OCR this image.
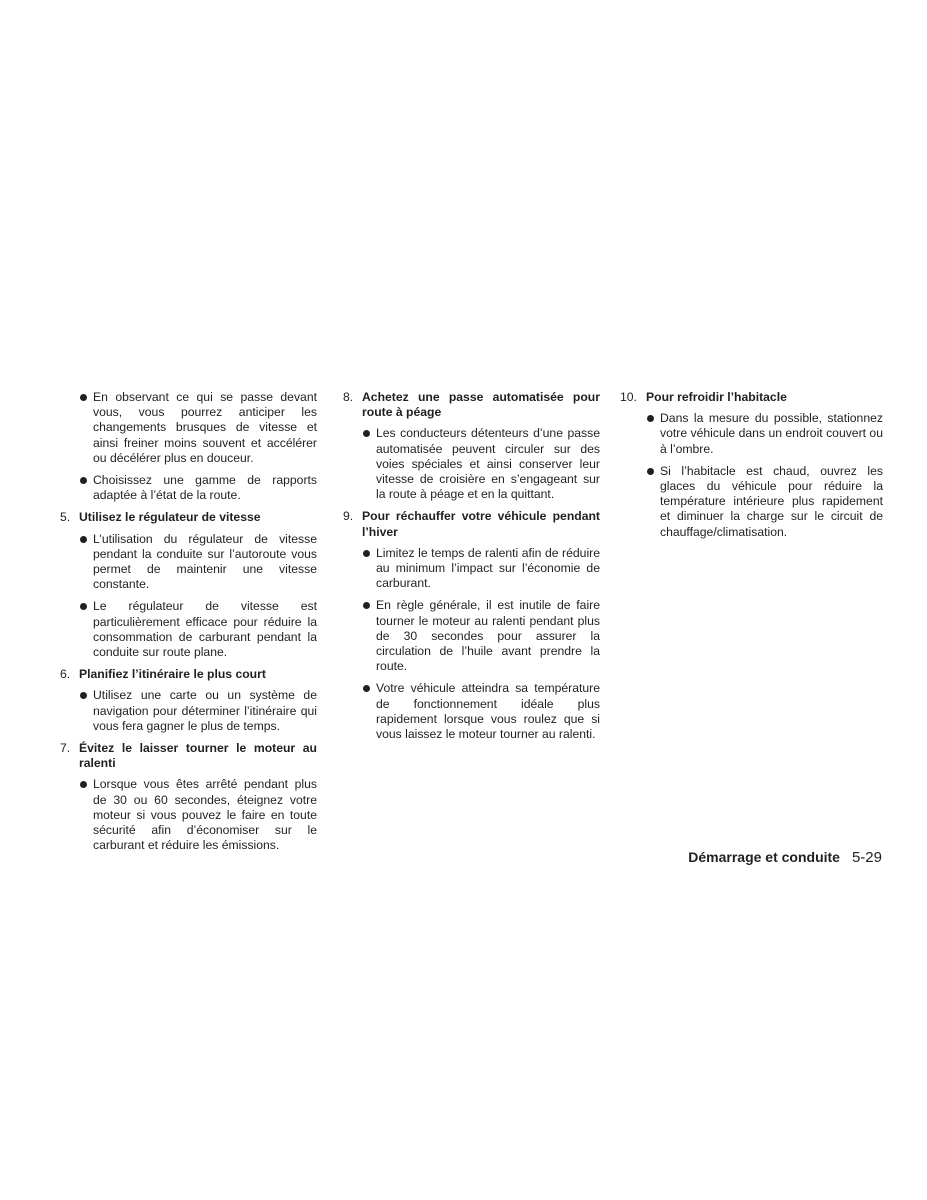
En observant ce qui se passe devant vous, vous pourrez anticiper les changements brusques de vitesse et ainsi freiner moins souvent et accélérer ou décélérer plus en douceur.
Choisissez une gamme de rapports adaptée à l’état de la route.
5. Utilisez le régulateur de vitesse
L’utilisation du régulateur de vitesse pendant la conduite sur l’autoroute vous permet de maintenir une vitesse constante.
Le régulateur de vitesse est particulièrement efficace pour réduire la consommation de carburant pendant la conduite sur route plane.
6. Planifiez l’itinéraire le plus court
Utilisez une carte ou un système de navigation pour déterminer l’itinéraire qui vous fera gagner le plus de temps.
7. Évitez le laisser tourner le moteur au ralenti
Lorsque vous êtes arrêté pendant plus de 30 ou 60 secondes, éteignez votre moteur si vous pouvez le faire en toute sécurité afin d’économiser sur le carburant et réduire les émissions.
8. Achetez une passe automatisée pour route à péage
Les conducteurs détenteurs d’une passe automatisée peuvent circuler sur des voies spéciales et ainsi conserver leur vitesse de croisière en s’engageant sur la route à péage et en la quittant.
9. Pour réchauffer votre véhicule pendant l’hiver
Limitez le temps de ralenti afin de réduire au minimum l’impact sur l’économie de carburant.
En règle générale, il est inutile de faire tourner le moteur au ralenti pendant plus de 30 secondes pour assurer la circulation de l’huile avant prendre la route.
Votre véhicule atteindra sa température de fonctionnement idéale plus rapidement lorsque vous roulez que si vous laissez le moteur tourner au ralenti.
10. Pour refroidir l’habitacle
Dans la mesure du possible, stationnez votre véhicule dans un endroit couvert ou à l’ombre.
Si l’habitacle est chaud, ouvrez les glaces du véhicule pour réduire la température intérieure plus rapidement et diminuer la charge sur le circuit de chauffage/climatisation.
Démarrage et conduite 5-29
